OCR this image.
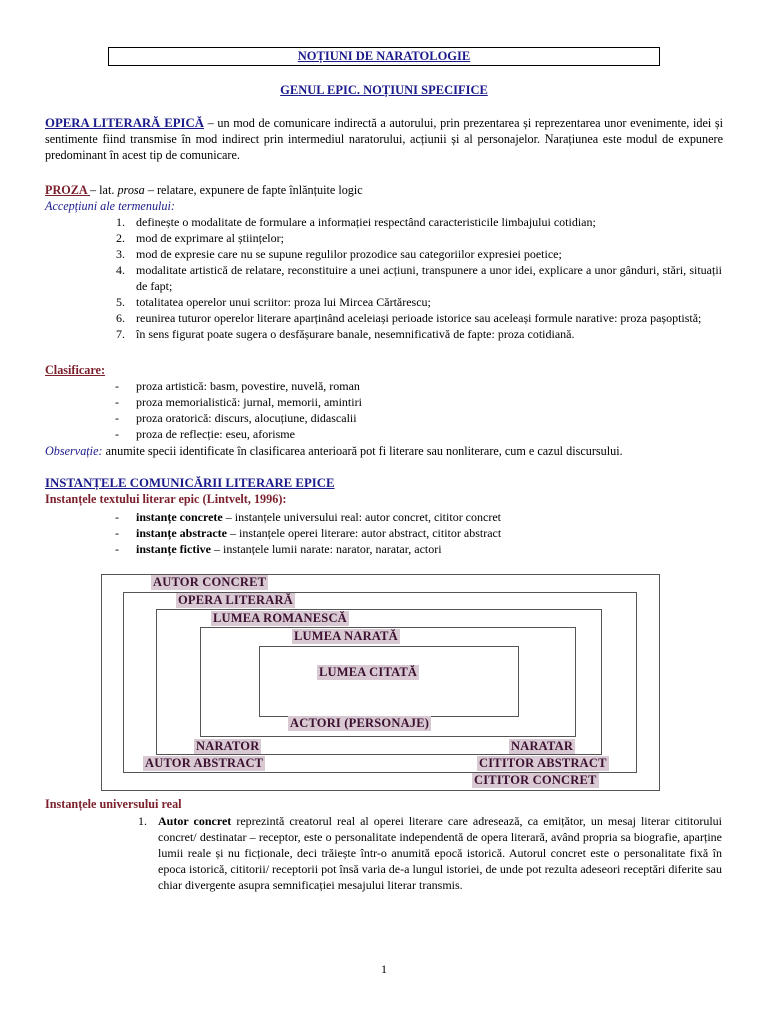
NOȚIUNI DE NARATOLOGIE
GENUL EPIC. NOȚIUNI SPECIFICE
OPERA LITERARĂ EPICĂ – un mod de comunicare indirectă a autorului, prin prezentarea și reprezentarea unor evenimente, idei și sentimente fiind transmise în mod indirect prin intermediul naratorului, acțiunii și al personajelor. Narațiunea este modul de expunere predominant în acest tip de comunicare.
PROZA – lat. prosa – relatare, expunere de fapte înlănțuite logic
Accepțiuni ale termenului:
1. definește o modalitate de formulare a informației respectând caracteristicile limbajului cotidian;
2. mod de exprimare al științelor;
3. mod de expresie care nu se supune regulilor prozodice sau categoriilor expresiei poetice;
4. modalitate artistică de relatare, reconstituire a unei acțiuni, transpunere a unor idei, explicare a unor gânduri, stări, situații de fapt;
5. totalitatea operelor unui scriitor: proza lui Mircea Cărtărescu;
6. reunirea tuturor operelor literare aparținând aceleiași perioade istorice sau aceleași formule narative: proza pașoptistă;
7. în sens figurat poate sugera o desfășurare banale, nesemnificativă de fapte: proza cotidiană.
Clasificare:
- proza artistică: basm, povestire, nuvelă, roman
- proza memorialistică: jurnal, memorii, amintiri
- proza oratorică: discurs, alocuțiune, didascalii
- proza de reflecție: eseu, aforisme
Observație: anumite specii identificate în clasificarea anterioară pot fi literare sau nonliterare, cum e cazul discursului.
INSTANȚELE COMUNICĂRII LITERARE EPICE
Instanțele textului literar epic (Lintvelt, 1996):
- instanțe concrete – instanțele universului real: autor concret, cititor concret
- instanțe abstracte – instanțele operei literare: autor abstract, cititor abstract
- instanțe fictive – instanțele lumii narate: narator, naratar, actori
AUTOR CONCRET
OPERA LITERARĂ
LUMEA ROMANESCĂ
LUMEA NARATĂ
LUMEA CITATĂ
ACTORI (PERSONAJE)
NARATOR	NARATAR
AUTOR ABSTRACT	CITITOR ABSTRACT
CITITOR CONCRET
Instanțele universului real
1. Autor concret reprezintă creatorul real al operei literare care adresează, ca emițător, un mesaj literar cititorului concret/ destinatar – receptor, este o personalitate independentă de opera literară, având propria sa biografie, aparține lumii reale și nu ficționale, deci trăiește într-o anumită epocă istorică. Autorul concret este o personalitate fixă în epoca istorică, cititorii/ receptorii pot însă varia de-a lungul istoriei, de unde pot rezulta adeseori receptări diferite sau chiar divergente asupra semnificației mesajului literar transmis.
1
